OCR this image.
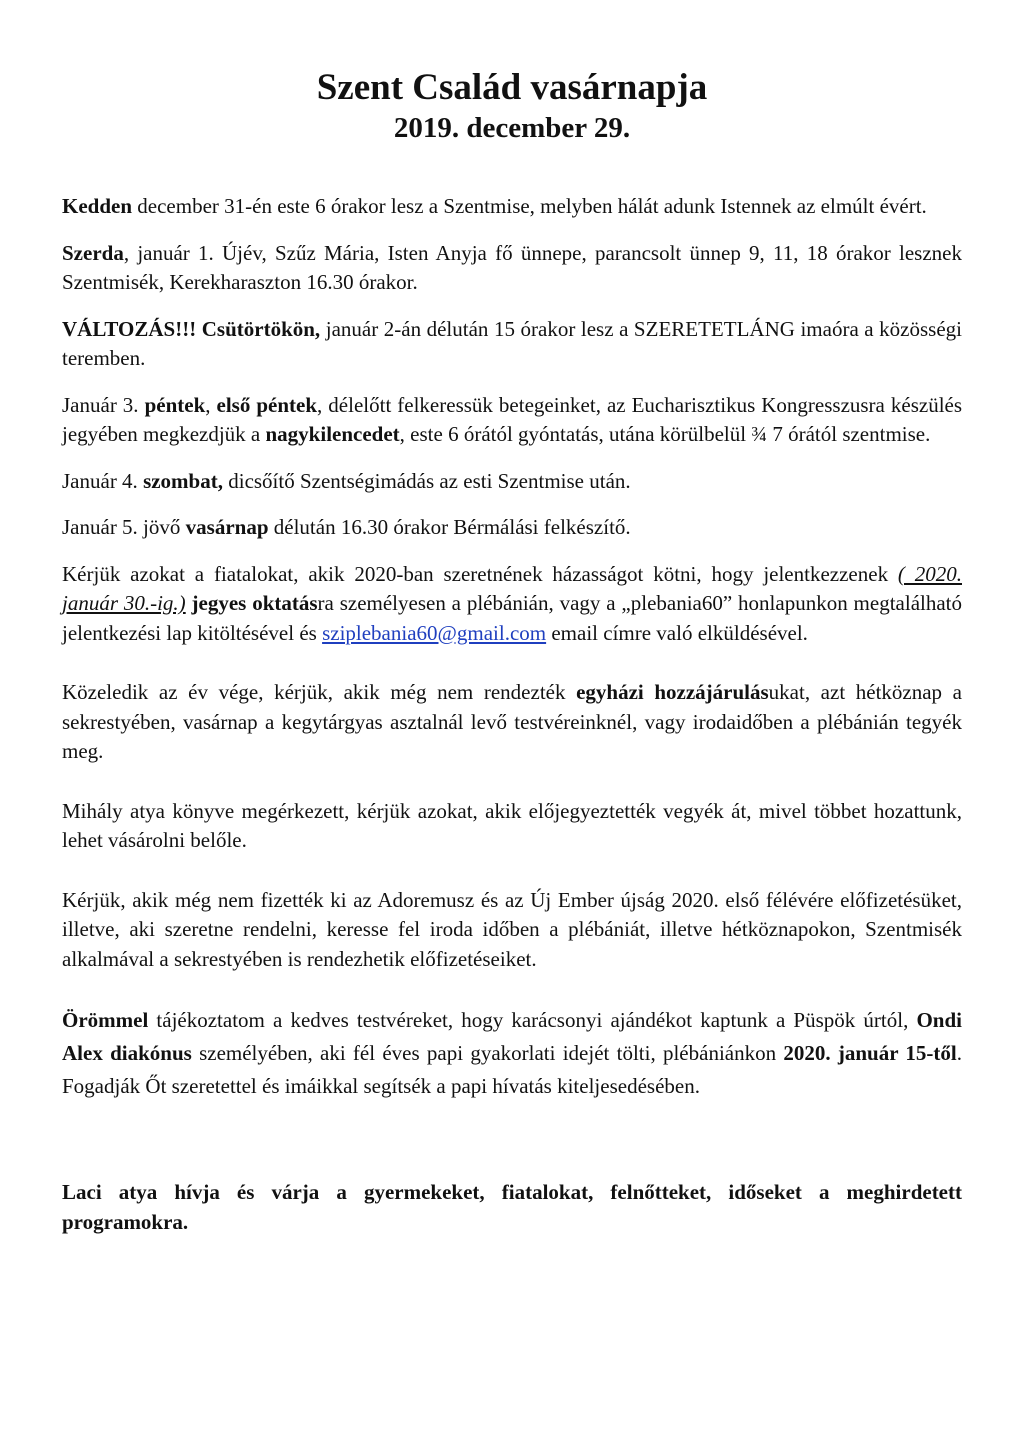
Szent Család vasárnapja
2019. december 29.

Kedden december 31-én este 6 órakor lesz a Szentmise, melyben hálát adunk Istennek az elmúlt évért.

Szerda, január 1. Újév, Szűz Mária, Isten Anyja fő ünnepe, parancsolt ünnep 9, 11, 18 órakor lesznek Szentmisék, Kerekharaszton 16.30 órakor.

VÁLTOZÁS!!! Csütörtökön, január 2-án délután 15 órakor lesz a SZERETETLÁNG imaóra a közösségi teremben.

Január 3. péntek, első péntek, délelőtt felkeressük betegeinket, az Eucharisztikus Kongresszusra készülés jegyében megkezdjük a nagykilencedet, este 6 órától gyóntatás, utána körülbelül ¾ 7 órától szentmise.

Január 4. szombat, dicsőítő Szentségimádás az esti Szentmise után.

Január 5. jövő vasárnap délután 16.30 órakor Bérmálási felkészítő.

Kérjük azokat a fiatalokat, akik 2020-ban szeretnének házasságot kötni, hogy jelentkezzenek ( 2020. január 30.-ig.) jegyes oktatásra személyesen a plébánián, vagy a „plebania60” honlapunkon megtalálható jelentkezési lap kitöltésével és sziplebania60@gmail.com email címre való elküldésével.

Közeledik az év vége, kérjük, akik még nem rendezték egyházi hozzájárulásukat, azt hétköznap a sekrestyében, vasárnap a kegytárgyas asztalnál levő testvéreinknél, vagy irodaidőben a plébánián tegyék meg.

Mihály atya könyve megérkezett, kérjük azokat, akik előjegyeztették vegyék át, mivel többet hozattunk, lehet vásárolni belőle.

Kérjük, akik még nem fizették ki az Adoremusz és az Új Ember újság 2020. első félévére előfizetésüket, illetve, aki szeretne rendelni, keresse fel iroda időben a plébániát, illetve hétköznapokon, Szentmisék alkalmával a sekrestyében is rendezhetik előfizetéseiket.

Örömmel tájékoztatom a kedves testvéreket, hogy karácsonyi ajándékot kaptunk a Püspök úrtól, Ondi Alex diakónus személyében, aki fél éves papi gyakorlati idejét tölti, plébániánkon 2020. január 15-től. Fogadják Őt szeretettel és imáikkal segítsék a papi hívatás kiteljesedésében.

Laci atya hívja és várja a gyermekeket, fiatalokat, felnőtteket, időseket a meghirdetett programokra.
